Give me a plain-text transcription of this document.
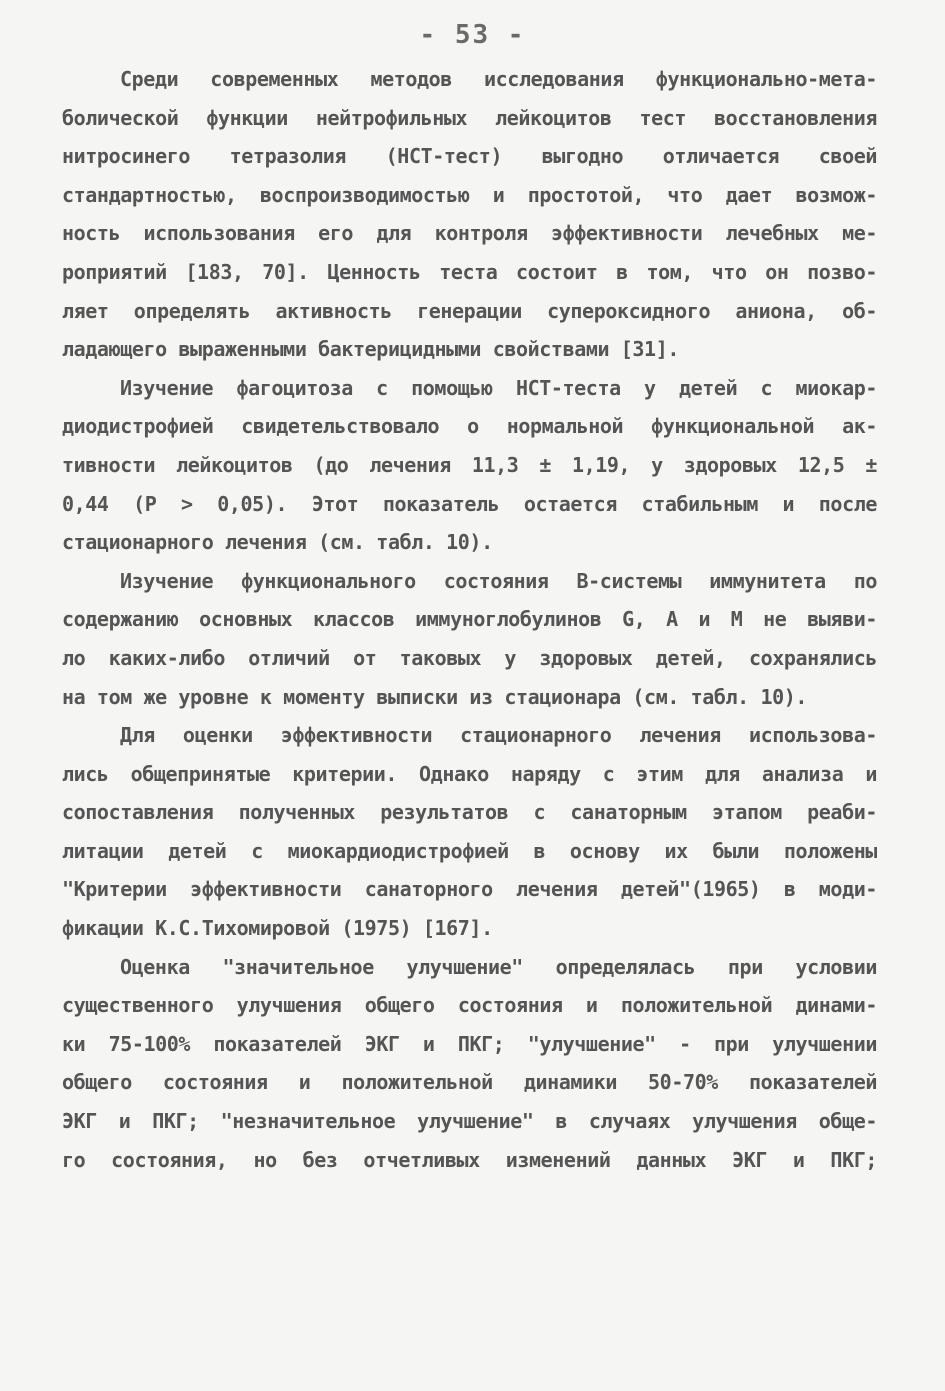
- 53 -
Среди современных методов исследования функционально-мета-
болической функции нейтрофильных лейкоцитов тест восстановления
нитросинего тетразолия (НСТ-тест) выгодно отличается своей
стандартностью, воспроизводимостью и простотой, что дает возмож-
ность использования его для контроля эффективности лечебных ме-
роприятий [183, 70]. Ценность теста состоит в том, что он позво-
ляет определять активность генерации супероксидного аниона, об-
ладающего выраженными бактерицидными свойствами [31].
Изучение фагоцитоза с помощью НСТ-теста у детей с миокар-
диодистрофией свидетельствовало о нормальной функциональной ак-
тивности лейкоцитов (до лечения 11,3 ± 1,19, у здоровых 12,5 ±
0,44 (P > 0,05). Этот показатель остается стабильным и после
стационарного лечения (см. табл. 10).
Изучение функционального состояния В-системы иммунитета по
содержанию основных классов иммуноглобулинов G, А и М не выяви-
ло каких-либо отличий от таковых у здоровых детей, сохранялись
на том же уровне к моменту выписки из стационара (см. табл. 10).
Для оценки эффективности стационарного лечения использова-
лись общепринятые критерии. Однако наряду с этим для анализа и
сопоставления полученных результатов с санаторным этапом реаби-
литации детей с миокардиодистрофией в основу их были положены
"Критерии эффективности санаторного лечения детей"(1965) в моди-
фикации К.С.Тихомировой (1975) [167].
Оценка "значительное улучшение" определялась при условии
существенного улучшения общего состояния и положительной динами-
ки 75-100% показателей ЭКГ и ПКГ; "улучшение" - при улучшении
общего состояния и положительной динамики 50-70% показателей
ЭКГ и ПКГ; "незначительное улучшение" в случаях улучшения обще-
го состояния, но без отчетливых изменений данных ЭКГ и ПКГ;
